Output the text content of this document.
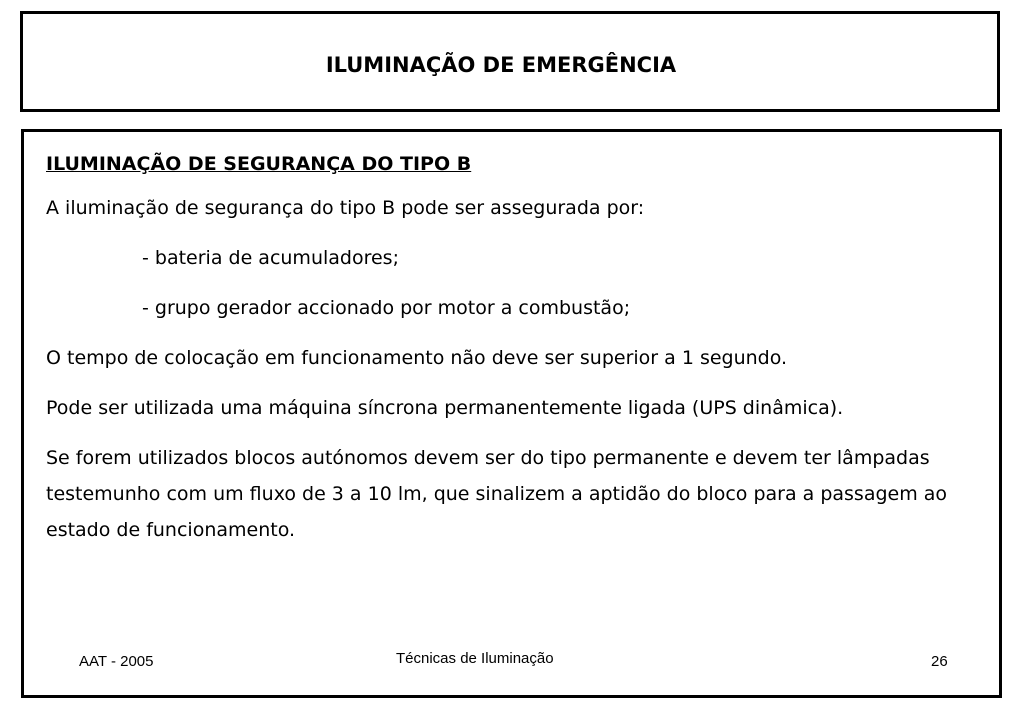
ILUMINAÇÃO DE EMERGÊNCIA

ILUMINAÇÃO DE SEGURANÇA DO TIPO B

A iluminação de segurança do tipo B pode ser assegurada por:

- bateria de acumuladores;

- grupo gerador accionado por motor a combustão;

O tempo de colocação em funcionamento não deve ser superior a 1 segundo.

Pode ser utilizada uma máquina síncrona permanentemente ligada (UPS dinâmica).

Se forem utilizados blocos autónomos devem ser do tipo permanente e devem ter lâmpadas testemunho com um fluxo de 3 a 10 lm, que sinalizem a aptidão do bloco para a passagem ao estado de funcionamento.

AAT - 2005	Técnicas de Iluminação	26
